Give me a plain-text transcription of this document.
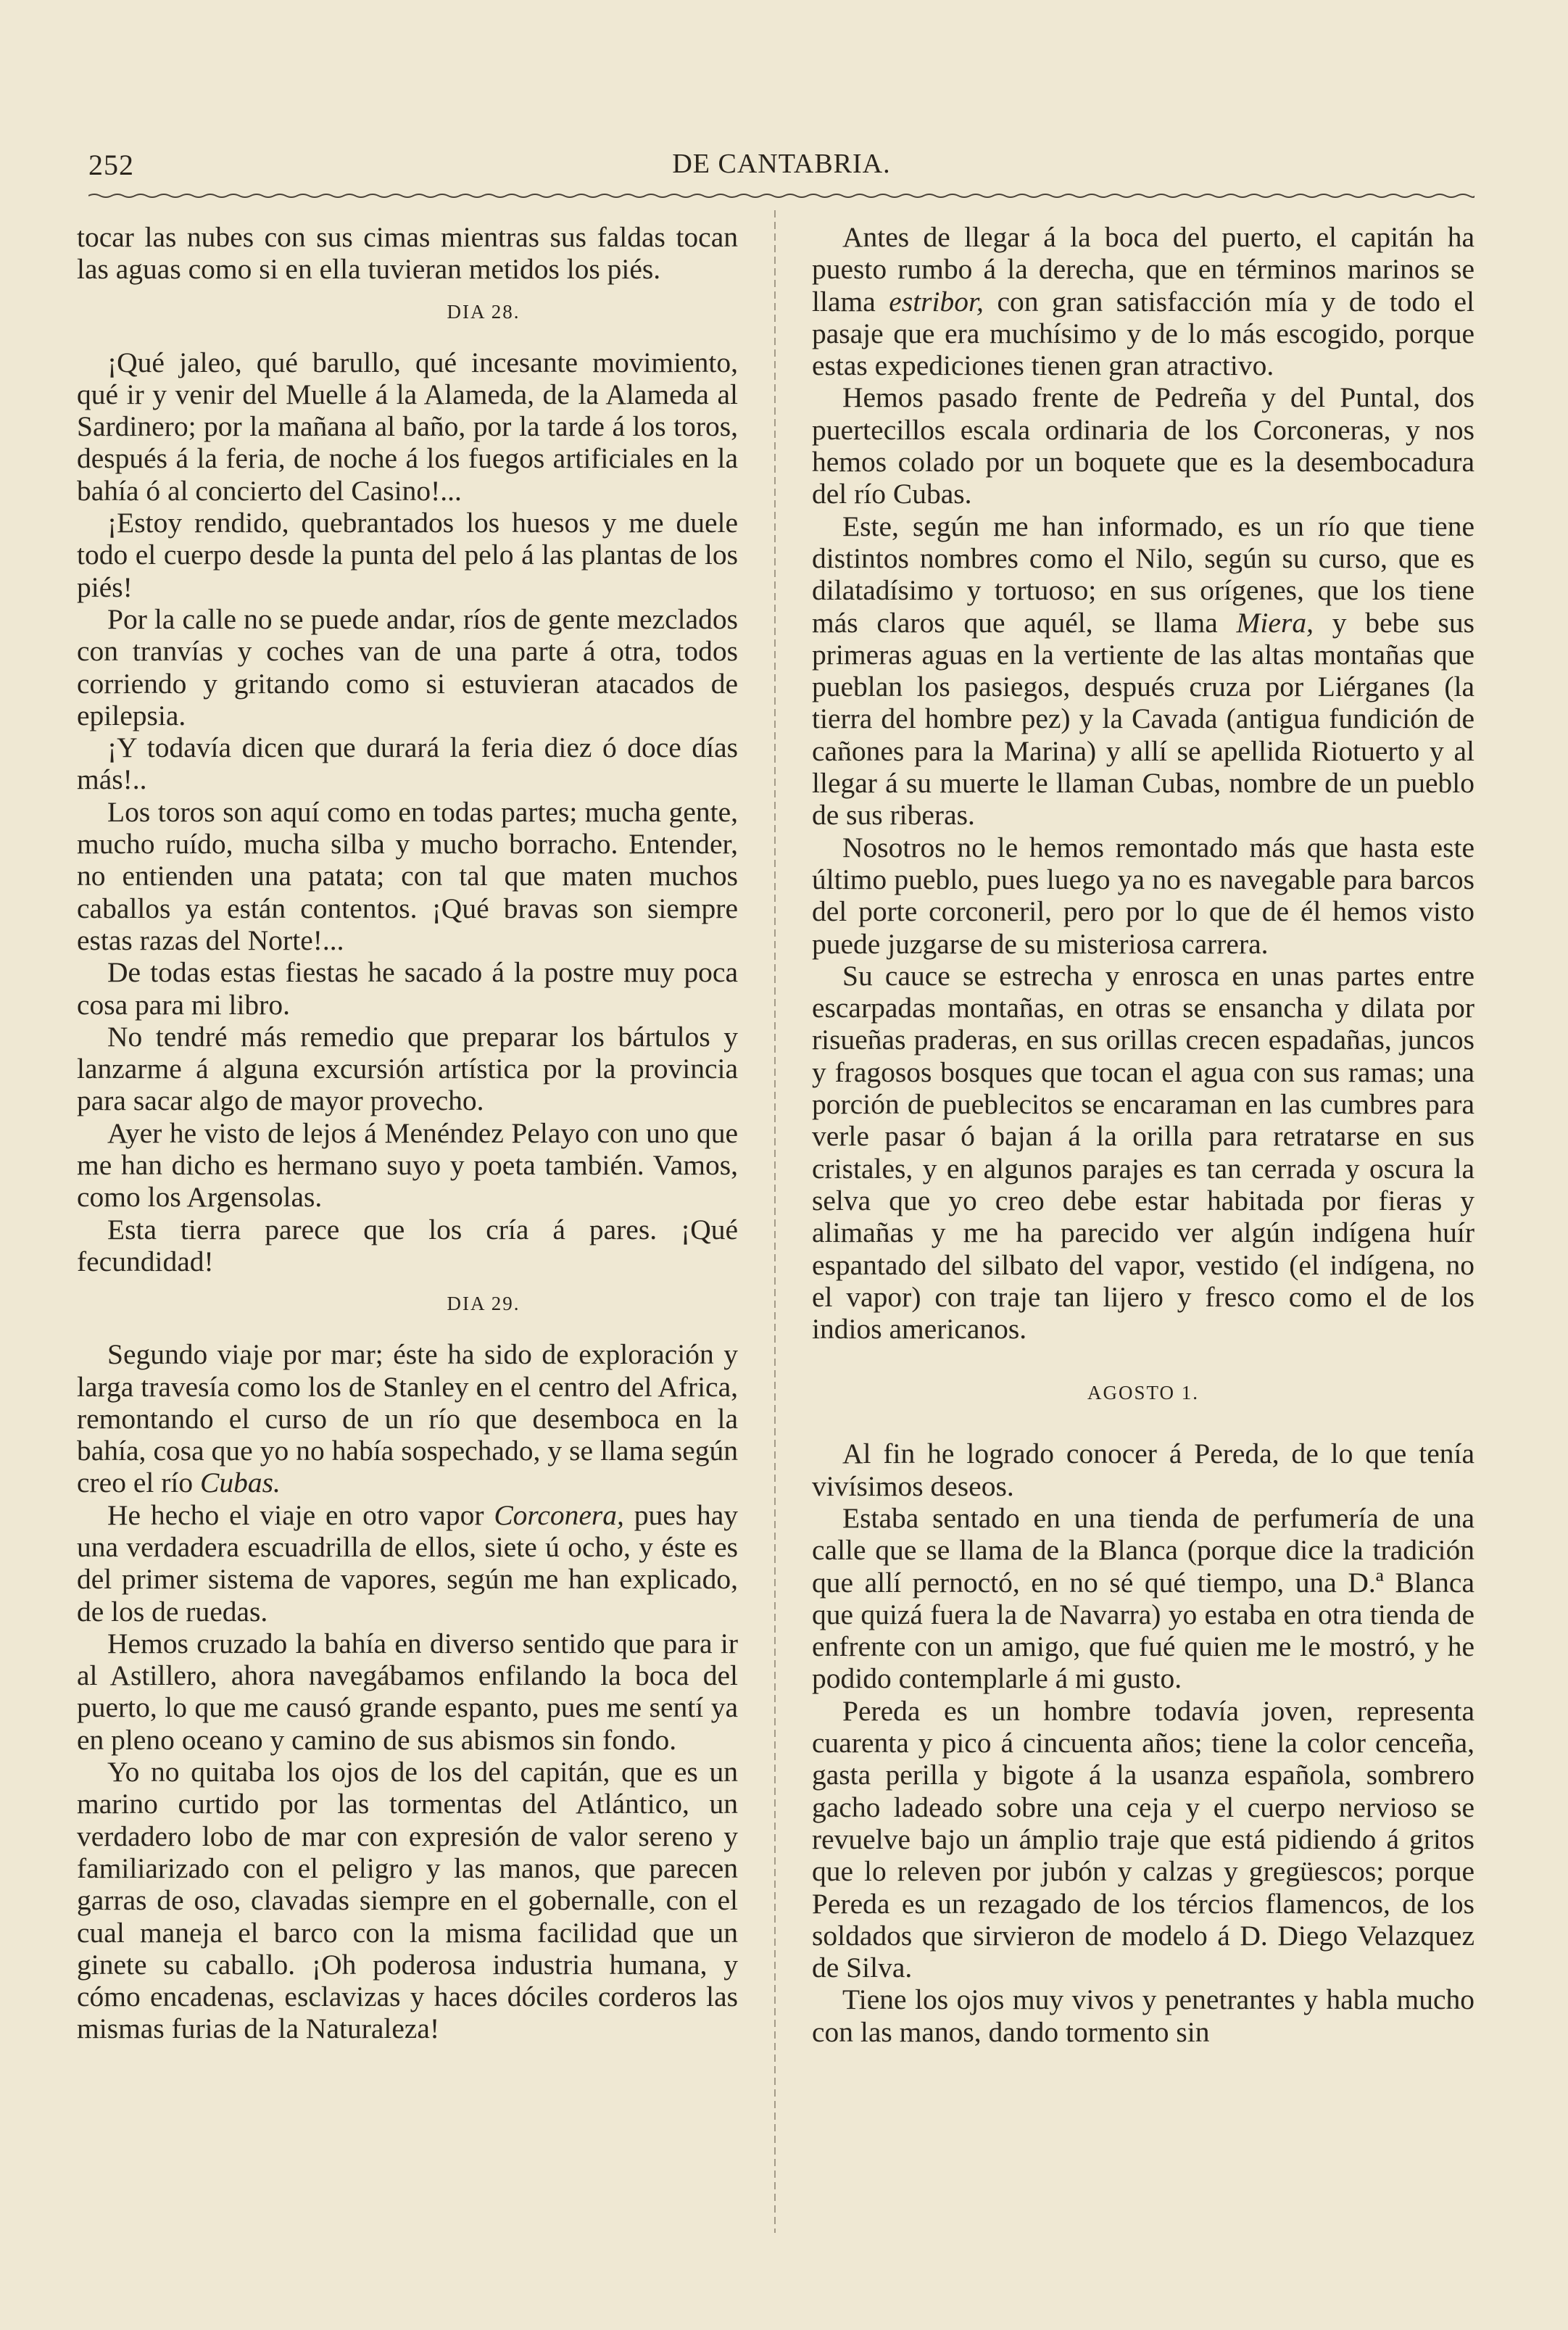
252	DE CANTABRIA.

tocar las nubes con sus cimas mientras sus faldas tocan las aguas como si en ella tuvieran metidos los piés.

DIA 28.

¡Qué jaleo, qué barullo, qué incesante movimiento, qué ir y venir del Muelle á la Alameda, de la Alameda al Sardinero; por la mañana al baño, por la tarde á los toros, después á la feria, de noche á los fuegos artificiales en la bahía ó al concierto del Casino!...

¡Estoy rendido, quebrantados los huesos y me duele todo el cuerpo desde la punta del pelo á las plantas de los piés!

Por la calle no se puede andar, ríos de gente mezclados con tranvías y coches van de una parte á otra, todos corriendo y gritando como si estuvieran atacados de epilepsia.

¡Y todavía dicen que durará la feria diez ó doce días más!..

Los toros son aquí como en todas partes; mucha gente, mucho ruído, mucha silba y mucho borracho. Entender, no entienden una patata; con tal que maten muchos caballos ya están contentos. ¡Qué bravas son siempre estas razas del Norte!...

De todas estas fiestas he sacado á la postre muy poca cosa para mi libro.

No tendré más remedio que preparar los bártulos y lanzarme á alguna excursión artística por la provincia para sacar algo de mayor provecho.

Ayer he visto de lejos á Menéndez Pelayo con uno que me han dicho es hermano suyo y poeta también. Vamos, como los Argensolas.

Esta tierra parece que los cría á pares. ¡Qué fecundidad!

DIA 29.

Segundo viaje por mar; éste ha sido de exploración y larga travesía como los de Stanley en el centro del Africa, remontando el curso de un río que desemboca en la bahía, cosa que yo no había sospechado, y se llama según creo el río Cubas.

He hecho el viaje en otro vapor Corconera, pues hay una verdadera escuadrilla de ellos, siete ú ocho, y éste es del primer sistema de vapores, según me han explicado, de los de ruedas.

Hemos cruzado la bahía en diverso sentido que para ir al Astillero, ahora navegábamos enfilando la boca del puerto, lo que me causó grande espanto, pues me sentí ya en pleno oceano y camino de sus abismos sin fondo.

Yo no quitaba los ojos de los del capitán, que es un marino curtido por las tormentas del Atlántico, un verdadero lobo de mar con expresión de valor sereno y familiarizado con el peligro y las manos, que parecen garras de oso, clavadas siempre en el gobernalle, con el cual maneja el barco con la misma facilidad que un ginete su caballo. ¡Oh poderosa industria humana, y cómo encadenas, esclavizas y haces dóciles corderos las mismas furias de la Naturaleza!

Antes de llegar á la boca del puerto, el capitán ha puesto rumbo á la derecha, que en términos marinos se llama estribor, con gran satisfacción mía y de todo el pasaje que era muchísimo y de lo más escogido, porque estas expediciones tienen gran atractivo.

Hemos pasado frente de Pedreña y del Puntal, dos puertecillos escala ordinaria de los Corconeras, y nos hemos colado por un boquete que es la desembocadura del río Cubas.

Este, según me han informado, es un río que tiene distintos nombres como el Nilo, según su curso, que es dilatadísimo y tortuoso; en sus orígenes, que los tiene más claros que aquél, se llama Miera, y bebe sus primeras aguas en la vertiente de las altas montañas que pueblan los pasiegos, después cruza por Liérganes (la tierra del hombre pez) y la Cavada (antigua fundición de cañones para la Marina) y allí se apellida Riotuerto y al llegar á su muerte le llaman Cubas, nombre de un pueblo de sus riberas.

Nosotros no le hemos remontado más que hasta este último pueblo, pues luego ya no es navegable para barcos del porte corconeril, pero por lo que de él hemos visto puede juzgarse de su misteriosa carrera.

Su cauce se estrecha y enrosca en unas partes entre escarpadas montañas, en otras se ensancha y dilata por risueñas praderas, en sus orillas crecen espadañas, juncos y fragosos bosques que tocan el agua con sus ramas; una porción de pueblecitos se encaraman en las cumbres para verle pasar ó bajan á la orilla para retratarse en sus cristales, y en algunos parajes es tan cerrada y oscura la selva que yo creo debe estar habitada por fieras y alimañas y me ha parecido ver algún indígena huír espantado del silbato del vapor, vestido (el indígena, no el vapor) con traje tan lijero y fresco como el de los indios americanos.

AGOSTO 1.

Al fin he logrado conocer á Pereda, de lo que tenía vivísimos deseos.

Estaba sentado en una tienda de perfumería de una calle que se llama de la Blanca (porque dice la tradición que allí pernoctó, en no sé qué tiempo, una D.ª Blanca que quizá fuera la de Navarra) yo estaba en otra tienda de enfrente con un amigo, que fué quien me le mostró, y he podido contemplarle á mi gusto.

Pereda es un hombre todavía joven, representa cuarenta y pico á cincuenta años; tiene la color cenceña, gasta perilla y bigote á la usanza española, sombrero gacho ladeado sobre una ceja y el cuerpo nervioso se revuelve bajo un ámplio traje que está pidiendo á gritos que lo releven por jubón y calzas y gregüescos; porque Pereda es un rezagado de los tércios flamencos, de los soldados que sirvieron de modelo á D. Diego Velazquez de Silva.

Tiene los ojos muy vivos y penetrantes y habla mucho con las manos, dando tormento sin
